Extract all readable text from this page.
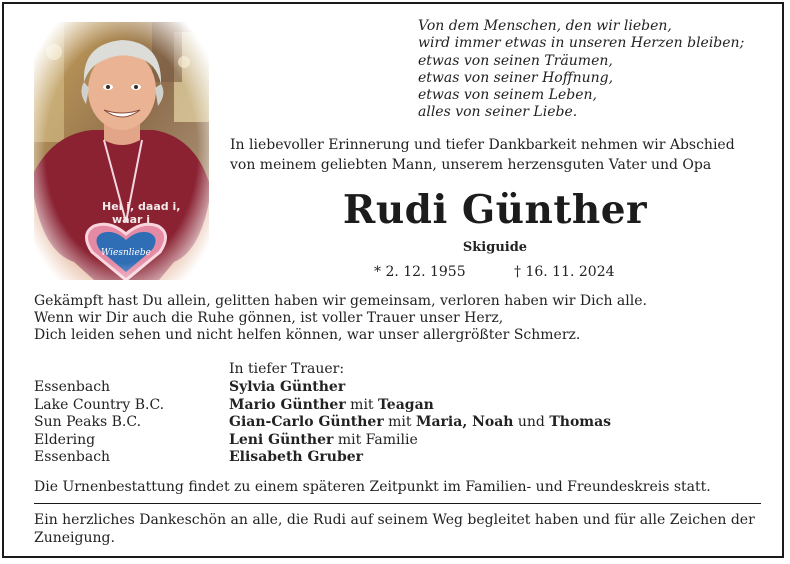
Von dem Menschen, den wir lieben,
wird immer etwas in unseren Herzen bleiben;
etwas von seinen Träumen,
etwas von seiner Hoffnung,
etwas von seinem Leben,
alles von seiner Liebe.
In liebevoller Erinnerung und tiefer Dankbarkeit nehmen wir Abschied
von meinem geliebten Mann, unserem herzensguten Vater und Opa
Rudi Günther
Skiguide
* 2. 12. 1955	† 16. 11. 2024
Gekämpft hast Du allein, gelitten haben wir gemeinsam, verloren haben wir Dich alle.
Wenn wir Dir auch die Ruhe gönnen, ist voller Trauer unser Herz,
Dich leiden sehen und nicht helfen können, war unser allergrößter Schmerz.
In tiefer Trauer:
Essenbach	Sylvia Günther
Lake Country B.C.	Mario Günther mit Teagan
Sun Peaks B.C.	Gian-Carlo Günther mit Maria, Noah und Thomas
Eldering	Leni Günther mit Familie
Essenbach	Elisabeth Gruber
Die Urnenbestattung findet zu einem späteren Zeitpunkt im Familien- und Freundeskreis statt.
Ein herzliches Dankeschön an alle, die Rudi auf seinem Weg begleitet haben und für alle Zeichen der Zuneigung.
